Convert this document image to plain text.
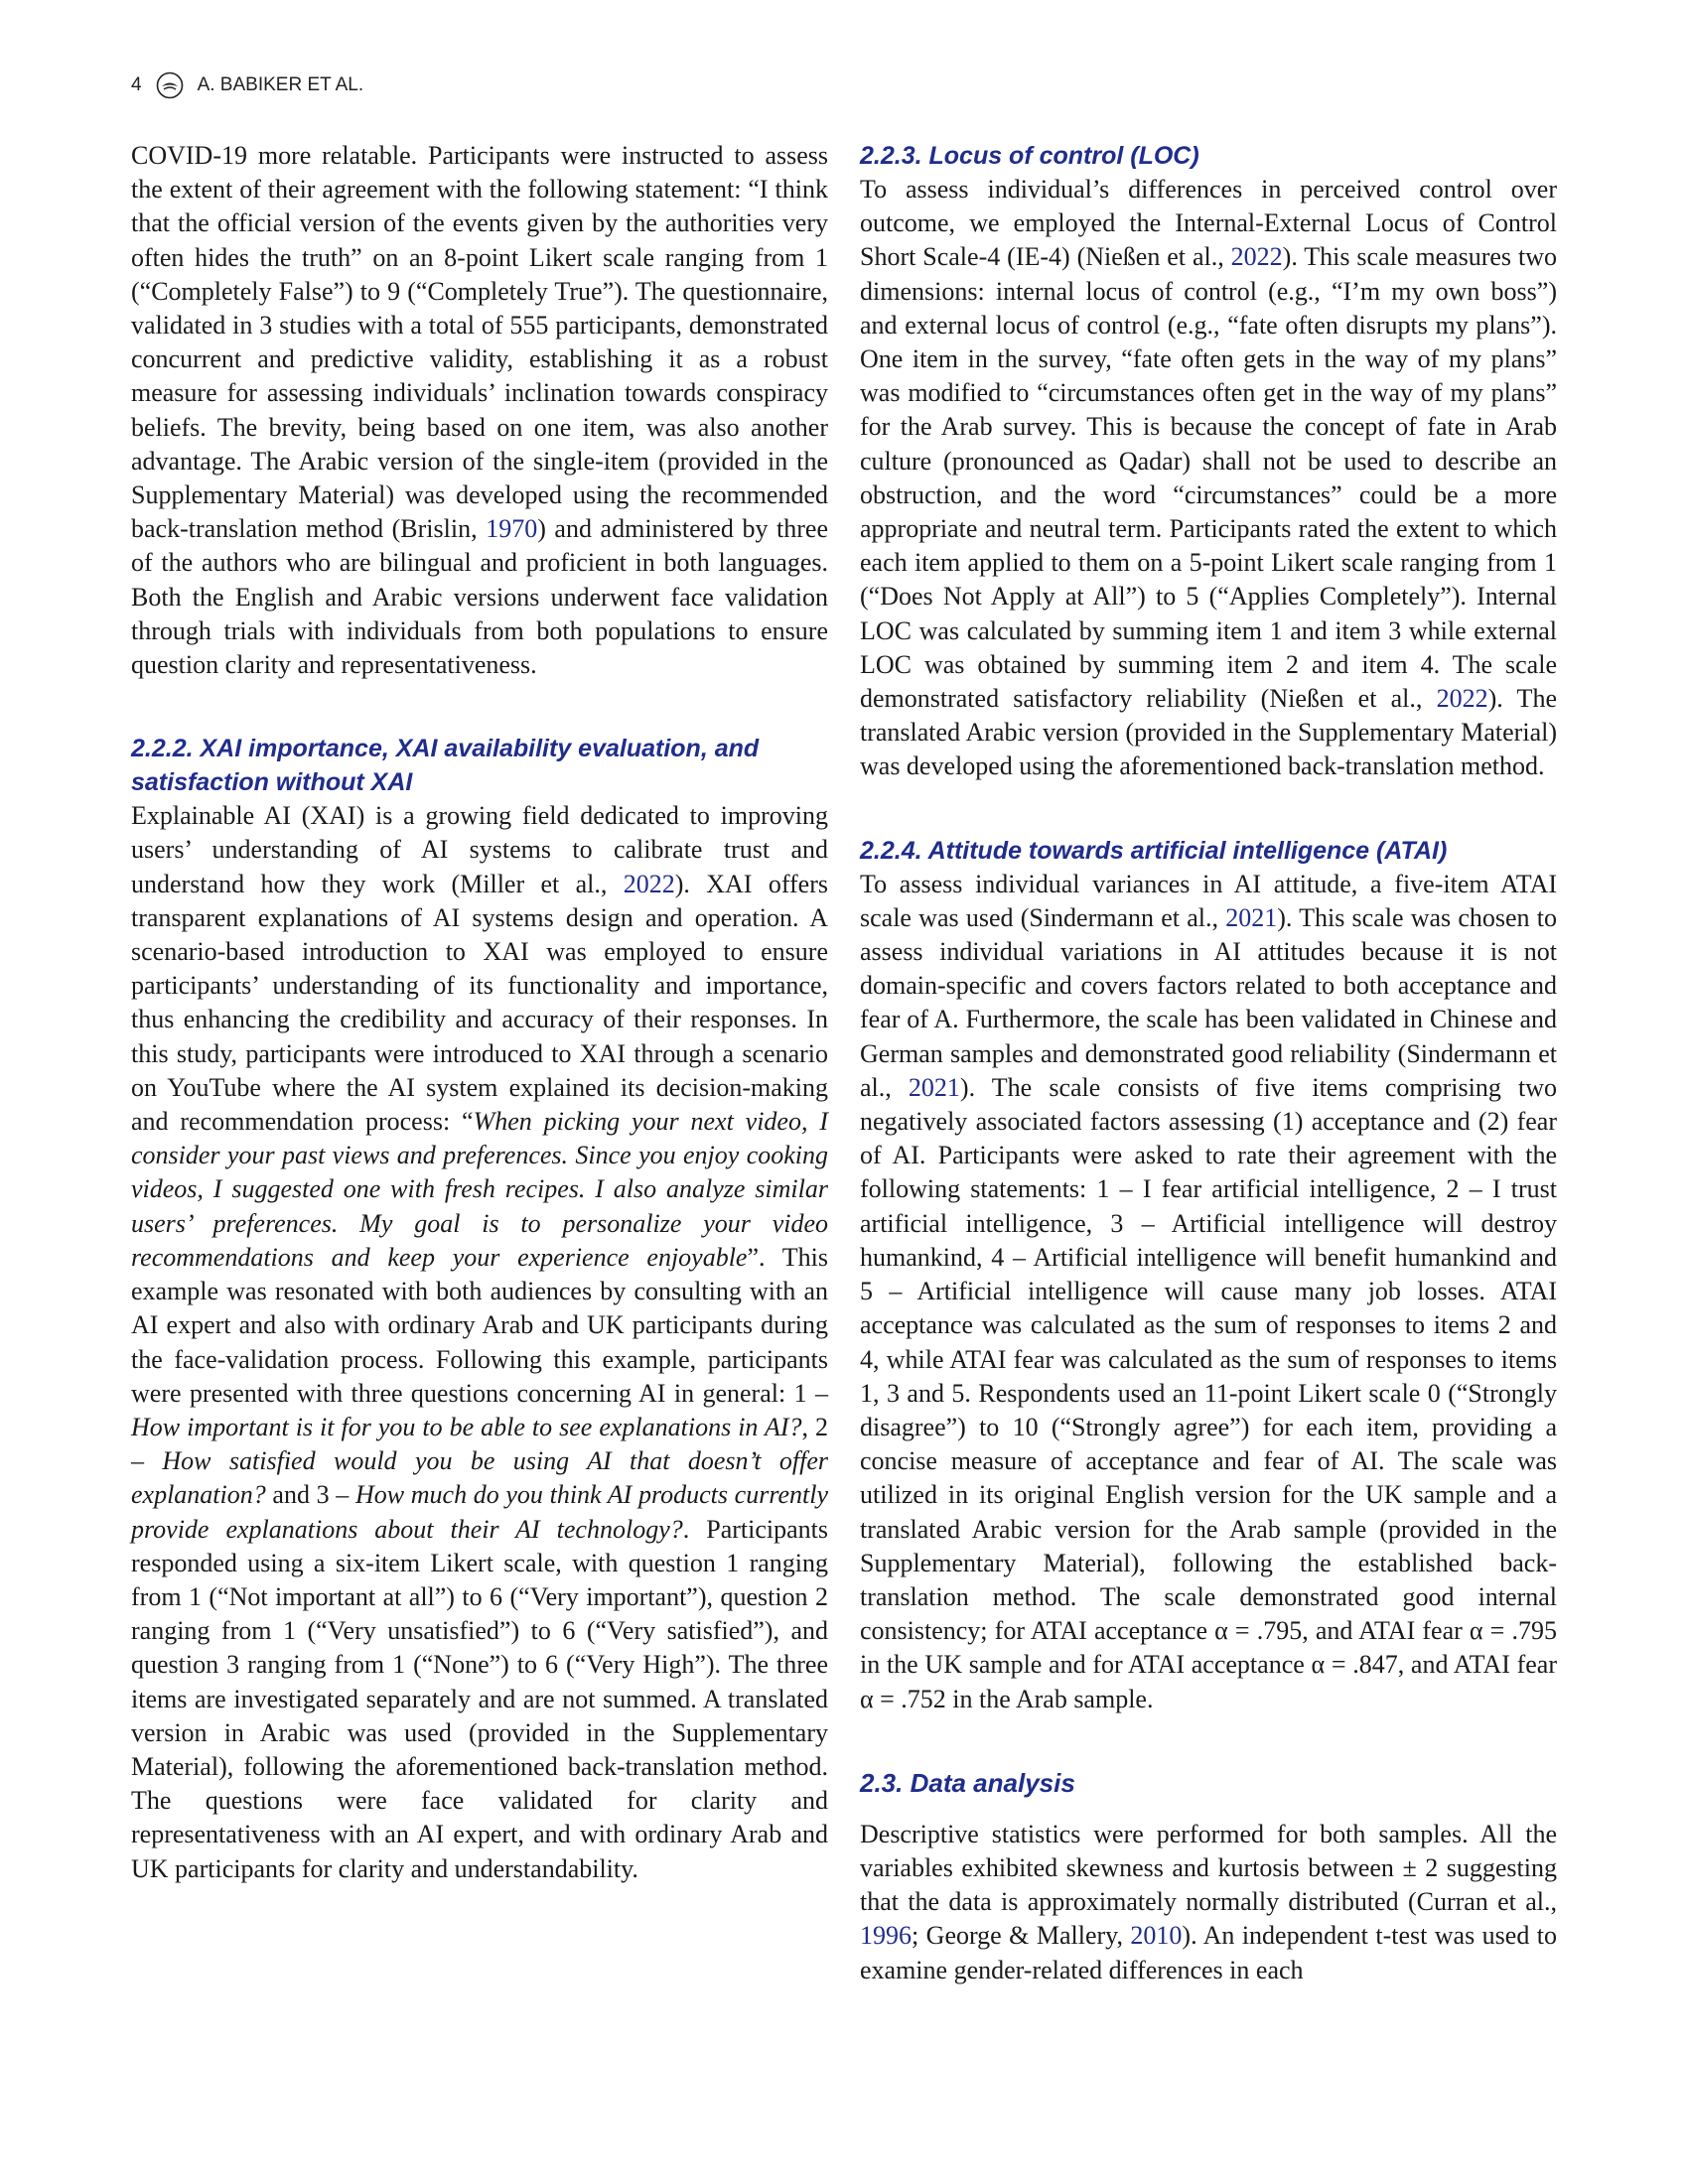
4	A. BABIKER ET AL.

COVID-19 more relatable. Participants were instructed to assess the extent of their agreement with the following statement: “I think that the official version of the events given by the authorities very often hides the truth” on an 8-point Likert scale ranging from 1 (“Completely False”) to 9 (“Completely True”). The questionnaire, validated in 3 studies with a total of 555 participants, demonstrated concurrent and predictive validity, establishing it as a robust measure for assessing individuals’ inclination towards conspiracy beliefs. The brevity, being based on one item, was also another advantage. The Arabic version of the single-item (provided in the Supplementary Material) was developed using the recommended back-translation method (Brislin, 1970) and administered by three of the authors who are bilingual and proficient in both languages. Both the English and Arabic versions underwent face validation through trials with individuals from both populations to ensure question clarity and representativeness.

2.2.2. XAI importance, XAI availability evaluation, and satisfaction without XAI

Explainable AI (XAI) is a growing field dedicated to improving users’ understanding of AI systems to calibrate trust and understand how they work (Miller et al., 2022). XAI offers transparent explanations of AI systems design and operation. A scenario-based introduction to XAI was employed to ensure participants’ understanding of its functionality and importance, thus enhancing the credibility and accuracy of their responses. In this study, participants were introduced to XAI through a scenario on YouTube where the AI system explained its decision-making and recommendation process: “When picking your next video, I consider your past views and preferences. Since you enjoy cooking videos, I suggested one with fresh recipes. I also analyze similar users’ preferences. My goal is to personalize your video recommendations and keep your experience enjoyable”. This example was resonated with both audiences by consulting with an AI expert and also with ordinary Arab and UK participants during the face-validation process. Following this example, participants were presented with three questions concerning AI in general: 1 – How important is it for you to be able to see explanations in AI?, 2 – How satisfied would you be using AI that doesn’t offer explanation? and 3 – How much do you think AI products currently provide explanations about their AI technology?. Participants responded using a six-item Likert scale, with question 1 ranging from 1 (“Not important at all”) to 6 (“Very important”), question 2 ranging from 1 (“Very unsatisfied”) to 6 (“Very satisfied”), and question 3 ranging from 1 (“None”) to 6 (“Very High”). The three items are investigated separately and are not summed. A translated version in Arabic was used (provided in the Supplementary Material), following the aforementioned back-translation method. The questions were face validated for clarity and representativeness with an AI expert, and with ordinary Arab and UK participants for clarity and understandability.

2.2.3. Locus of control (LOC)

To assess individual’s differences in perceived control over outcome, we employed the Internal-External Locus of Control Short Scale-4 (IE-4) (Nießen et al., 2022). This scale measures two dimensions: internal locus of control (e.g., “I’m my own boss”) and external locus of control (e.g., “fate often disrupts my plans”). One item in the survey, “fate often gets in the way of my plans” was modified to “circumstances often get in the way of my plans” for the Arab survey. This is because the concept of fate in Arab culture (pronounced as Qadar) shall not be used to describe an obstruction, and the word “circumstances” could be a more appropriate and neutral term. Participants rated the extent to which each item applied to them on a 5-point Likert scale ranging from 1 (“Does Not Apply at All”) to 5 (“Applies Completely”). Internal LOC was calculated by summing item 1 and item 3 while external LOC was obtained by summing item 2 and item 4. The scale demonstrated satisfactory reliability (Nießen et al., 2022). The translated Arabic version (provided in the Supplementary Material) was developed using the aforementioned back-translation method.

2.2.4. Attitude towards artificial intelligence (ATAI)

To assess individual variances in AI attitude, a five-item ATAI scale was used (Sindermann et al., 2021). This scale was chosen to assess individual variations in AI attitudes because it is not domain-specific and covers factors related to both acceptance and fear of A. Furthermore, the scale has been validated in Chinese and German samples and demonstrated good reliability (Sindermann et al., 2021). The scale consists of five items comprising two negatively associated factors assessing (1) acceptance and (2) fear of AI. Participants were asked to rate their agreement with the following statements: 1 – I fear artificial intelligence, 2 – I trust artificial intelligence, 3 – Artificial intelligence will destroy humankind, 4 – Artificial intelligence will benefit humankind and 5 – Artificial intelligence will cause many job losses. ATAI acceptance was calculated as the sum of responses to items 2 and 4, while ATAI fear was calculated as the sum of responses to items 1, 3 and 5. Respondents used an 11-point Likert scale 0 (“Strongly disagree”) to 10 (“Strongly agree”) for each item, providing a concise measure of acceptance and fear of AI. The scale was utilized in its original English version for the UK sample and a translated Arabic version for the Arab sample (provided in the Supplementary Material), following the established back-translation method. The scale demonstrated good internal consistency; for ATAI acceptance α = .795, and ATAI fear α = .795 in the UK sample and for ATAI acceptance α = .847, and ATAI fear α = .752 in the Arab sample.

2.3. Data analysis

Descriptive statistics were performed for both samples. All the variables exhibited skewness and kurtosis between ± 2 suggesting that the data is approximately normally distributed (Curran et al., 1996; George & Mallery, 2010). An independent t-test was used to examine gender-related differences in each
